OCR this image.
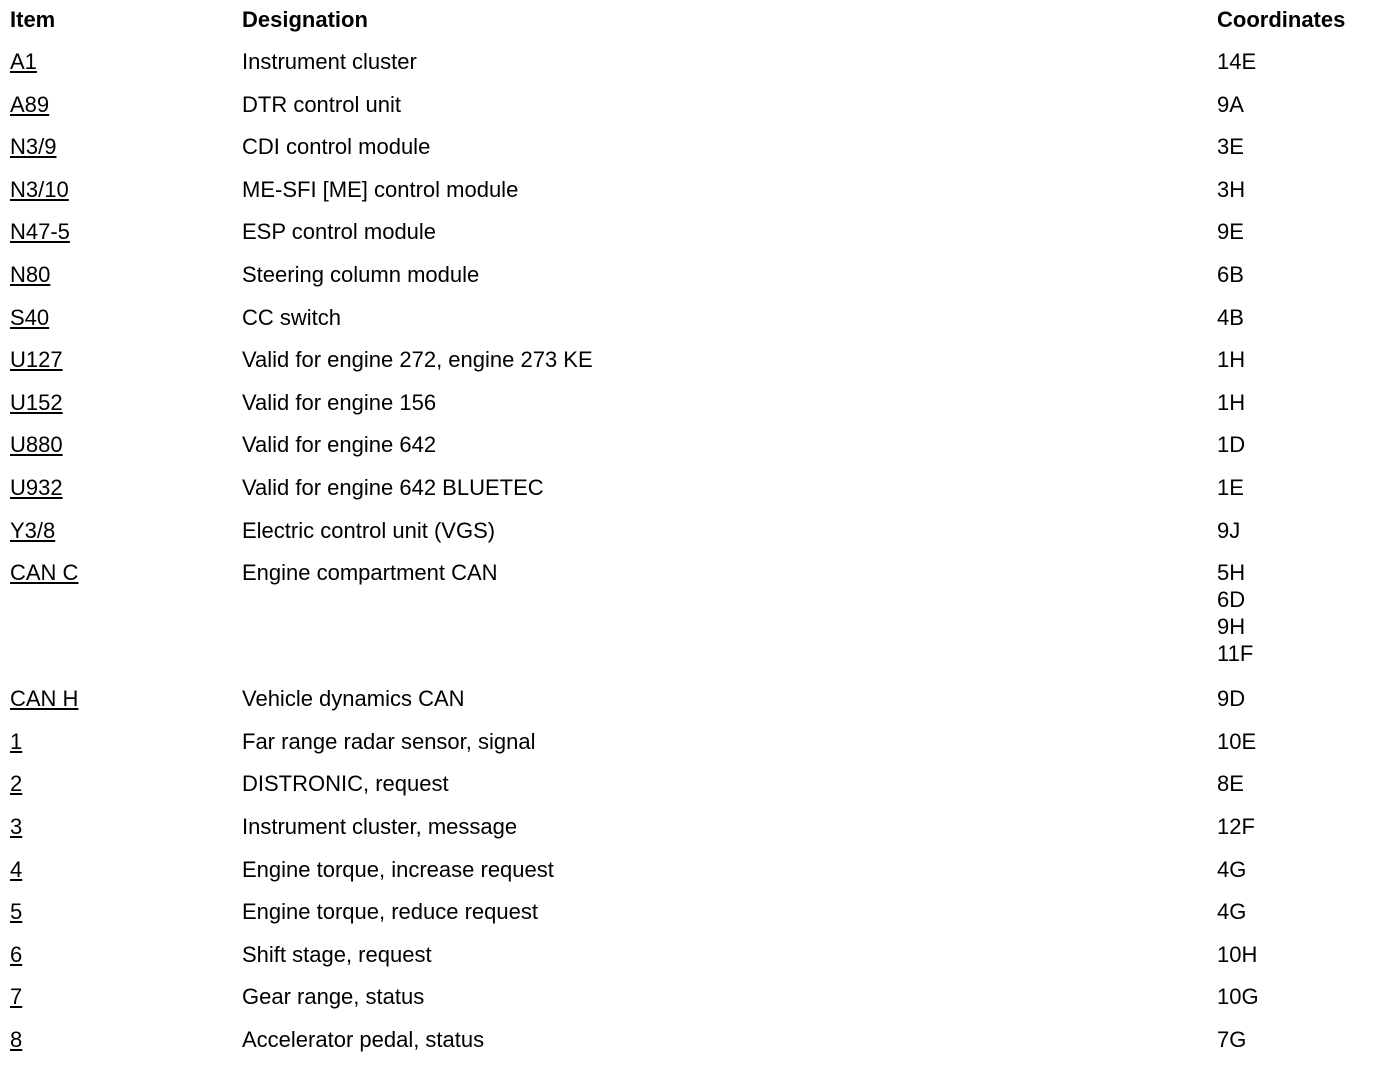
Item	Designation	Coordinates
A1	Instrument cluster	14E
A89	DTR control unit	9A
N3/9	CDI control module	3E
N3/10	ME-SFI [ME] control module	3H
N47-5	ESP control module	9E
N80	Steering column module	6B
S40	CC switch	4B
U127	Valid for engine 272, engine 273 KE	1H
U152	Valid for engine 156	1H
U880	Valid for engine 642	1D
U932	Valid for engine 642 BLUETEC	1E
Y3/8	Electric control unit (VGS)	9J
CAN C	Engine compartment CAN	5H
6D
9H
11F
CAN H	Vehicle dynamics CAN	9D
1	Far range radar sensor, signal	10E
2	DISTRONIC, request	8E
3	Instrument cluster, message	12F
4	Engine torque, increase request	4G
5	Engine torque, reduce request	4G
6	Shift stage, request	10H
7	Gear range, status	10G
8	Accelerator pedal, status	7G
